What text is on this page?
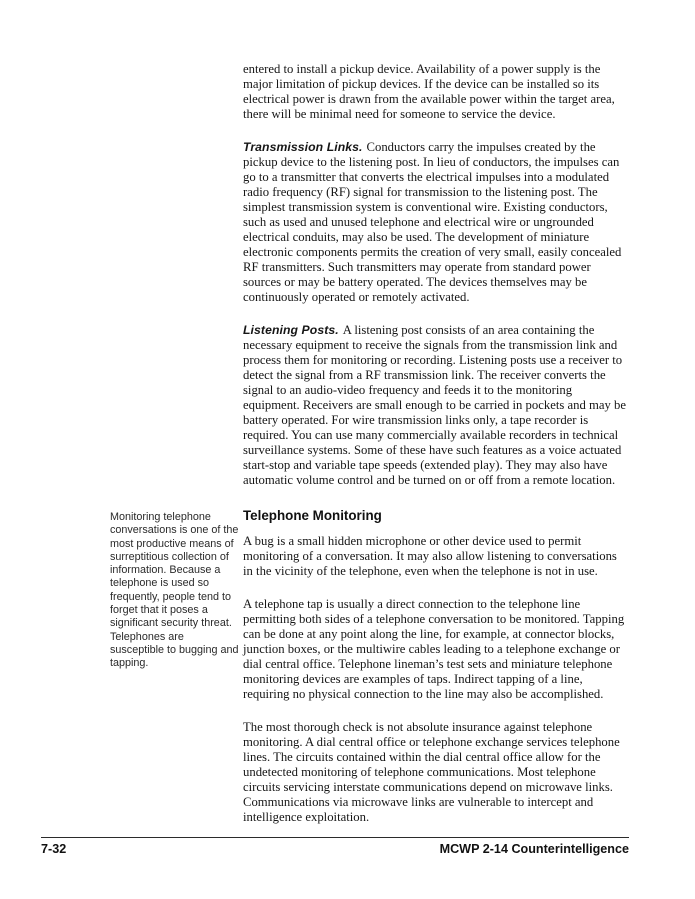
Monitoring telephone conversations is one of the most productive means of surreptitious collection of information. Because a telephone is used so frequently, people tend to forget that it poses a significant security threat. Telephones are susceptible to bugging and tapping.

entered to install a pickup device. Availability of a power supply is the major limitation of pickup devices. If the device can be installed so its electrical power is drawn from the available power within the target area, there will be minimal need for someone to service the device.

Transmission Links. Conductors carry the impulses created by the pickup device to the listening post. In lieu of conductors, the impulses can go to a transmitter that converts the electrical impulses into a modulated radio frequency (RF) signal for transmission to the listening post. The simplest transmission system is conventional wire. Existing conductors, such as used and unused telephone and electrical wire or ungrounded electrical conduits, may also be used. The development of miniature electronic components permits the creation of very small, easily concealed RF transmitters. Such transmitters may operate from standard power sources or may be battery operated. The devices themselves may be continuously operated or remotely activated.

Listening Posts. A listening post consists of an area containing the necessary equipment to receive the signals from the transmission link and process them for monitoring or recording. Listening posts use a receiver to detect the signal from a RF transmission link. The receiver converts the signal to an audio-video frequency and feeds it to the monitoring equipment. Receivers are small enough to be carried in pockets and may be battery operated. For wire transmission links only, a tape recorder is required. You can use many commercially available recorders in technical surveillance systems. Some of these have such features as a voice actuated start-stop and variable tape speeds (extended play). They may also have automatic volume control and be turned on or off from a remote location.

Telephone Monitoring

A bug is a small hidden microphone or other device used to permit monitoring of a conversation. It may also allow listening to conversations in the vicinity of the telephone, even when the telephone is not in use.

A telephone tap is usually a direct connection to the telephone line permitting both sides of a telephone conversation to be monitored. Tapping can be done at any point along the line, for example, at connector blocks, junction boxes, or the multiwire cables leading to a telephone exchange or dial central office. Telephone lineman’s test sets and miniature telephone monitoring devices are examples of taps. Indirect tapping of a line, requiring no physical connection to the line may also be accomplished.

The most thorough check is not absolute insurance against telephone monitoring. A dial central office or telephone exchange services telephone lines. The circuits contained within the dial central office allow for the undetected monitoring of telephone communications. Most telephone circuits servicing interstate communications depend on microwave links. Communications via microwave links are vulnerable to intercept and intelligence exploitation.

7-32	MCWP 2-14 Counterintelligence
